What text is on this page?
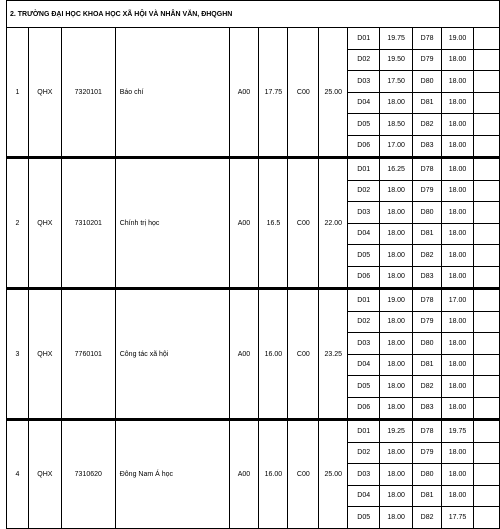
2. TRƯỜNG ĐẠI HỌC KHOA HỌC XÃ HỘI VÀ NHÂN VĂN, ĐHQGHN
1	QHX	7320101	Báo chí	A00	17.75	C00	25.00	D01	19.75	D78	19.00	
								D02	19.50	D79	18.00	
								D03	17.50	D80	18.00	
								D04	18.00	D81	18.00	
								D05	18.50	D82	18.00	
								D06	17.00	D83	18.00	
2	QHX	7310201	Chính trị học	A00	16.5	C00	22.00	D01	16.25	D78	18.00	
								D02	18.00	D79	18.00	
								D03	18.00	D80	18.00	
								D04	18.00	D81	18.00	
								D05	18.00	D82	18.00	
								D06	18.00	D83	18.00	
3	QHX	7760101	Công tác xã hội	A00	16.00	C00	23.25	D01	19.00	D78	17.00	
								D02	18.00	D79	18.00	
								D03	18.00	D80	18.00	
								D04	18.00	D81	18.00	
								D05	18.00	D82	18.00	
								D06	18.00	D83	18.00	
4	QHX	7310620	Đông Nam Á học	A00	16.00	C00	25.00	D01	19.25	D78	19.75	
								D02	18.00	D79	18.00	
								D03	18.00	D80	18.00	
								D04	18.00	D81	18.00	
								D05	18.00	D82	17.75	
